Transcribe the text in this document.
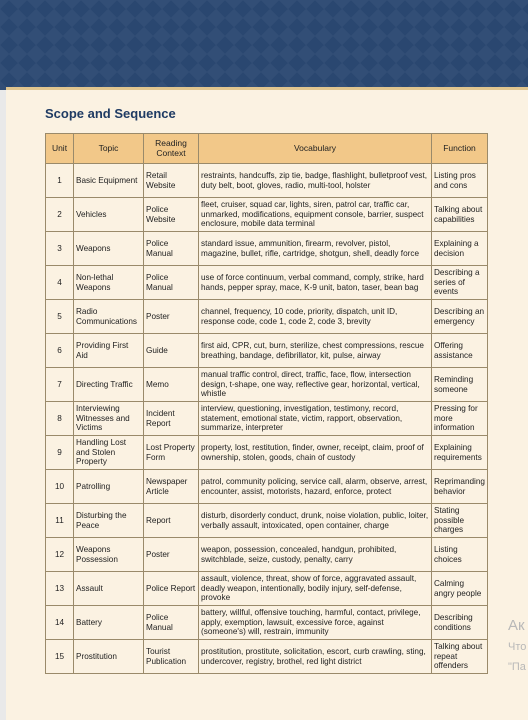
Scope and Sequence
Unit	Topic	Reading Context	Vocabulary	Function
1	Basic Equipment	Retail Website	restraints, handcuffs, zip tie, badge, flashlight, bulletproof vest, duty belt, boot, gloves, radio, multi-tool, holster	Listing pros and cons
2	Vehicles	Police Website	fleet, cruiser, squad car, lights, siren, patrol car, traffic car, unmarked, modifications, equipment console, barrier, suspect enclosure, mobile data terminal	Talking about capabilities
3	Weapons	Police Manual	standard issue, ammunition, firearm, revolver, pistol, magazine, bullet, rifle, cartridge, shotgun, shell, deadly force	Explaining a decision
4	Non-lethal Weapons	Police Manual	use of force continuum, verbal command, comply, strike, hard hands, pepper spray, mace, K-9 unit, baton, taser, bean bag	Describing a series of events
5	Radio Communications	Poster	channel, frequency, 10 code, priority, dispatch, unit ID, response code, code 1, code 2, code 3, brevity	Describing an emergency
6	Providing First Aid	Guide	first aid, CPR, cut, burn, sterilize, chest compressions, rescue breathing, bandage, defibrillator, kit, pulse, airway	Offering assistance
7	Directing Traffic	Memo	manual traffic control, direct, traffic, face, flow, intersection design, t-shape, one way, reflective gear, horizontal, vertical, whistle	Reminding someone
8	Interviewing Witnesses and Victims	Incident Report	interview, questioning, investigation, testimony, record, statement, emotional state, victim, rapport, observation, summarize, interpreter	Pressing for more information
9	Handling Lost and Stolen Property	Lost Property Form	property, lost, restitution, finder, owner, receipt, claim, proof of ownership, stolen, goods, chain of custody	Explaining requirements
10	Patrolling	Newspaper Article	patrol, community policing, service call, alarm, observe, arrest, encounter, assist, motorists, hazard, enforce, protect	Reprimanding behavior
11	Disturbing the Peace	Report	disturb, disorderly conduct, drunk, noise violation, public, loiter, verbally assault, intoxicated, open container, charge	Stating possible charges
12	Weapons Possession	Poster	weapon, possession, concealed, handgun, prohibited, switchblade, seize, custody, penalty, carry	Listing choices
13	Assault	Police Report	assault, violence, threat, show of force, aggravated assault, deadly weapon, intentionally, bodily injury, self-defense, provoke	Calming angry people
14	Battery	Police Manual	battery, willful, offensive touching, harmful, contact, privilege, apply, exemption, lawsuit, excessive force, against (someone's) will, restrain, immunity	Describing conditions
15	Prostitution	Tourist Publication	prostitution, prostitute, solicitation, escort, curb crawling, sting, undercover, registry, brothel, red light district	Talking about repeat offenders
Ак
Что
"Па
